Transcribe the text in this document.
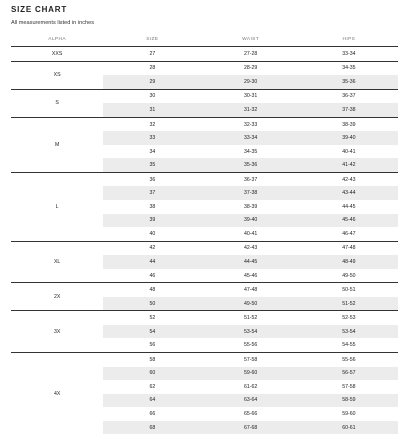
SIZE CHART

All measurements listed in inches

ALPHA	SIZE	WAIST	HIPS
XXS	27	27-28	33-34
XS	28	28-29	34-35
	29	29-30	35-36
S	30	30-31	36-37
	31	31-32	37-38
M	32	32-33	38-39
	33	33-34	39-40
	34	34-35	40-41
	35	35-36	41-42
L	36	36-37	42-43
	37	37-38	43-44
	38	38-39	44-45
	39	39-40	45-46
	40	40-41	46-47
XL	42	42-43	47-48
	44	44-45	48-49
	46	45-46	49-50
2X	48	47-48	50-51
	50	49-50	51-52
3X	52	51-52	52-53
	54	53-54	53-54
	56	55-56	54-55
4X	58	57-58	55-56
	60	59-60	56-57
	62	61-62	57-58
	64	63-64	58-59
	66	65-66	59-60
	68	67-68	60-61
